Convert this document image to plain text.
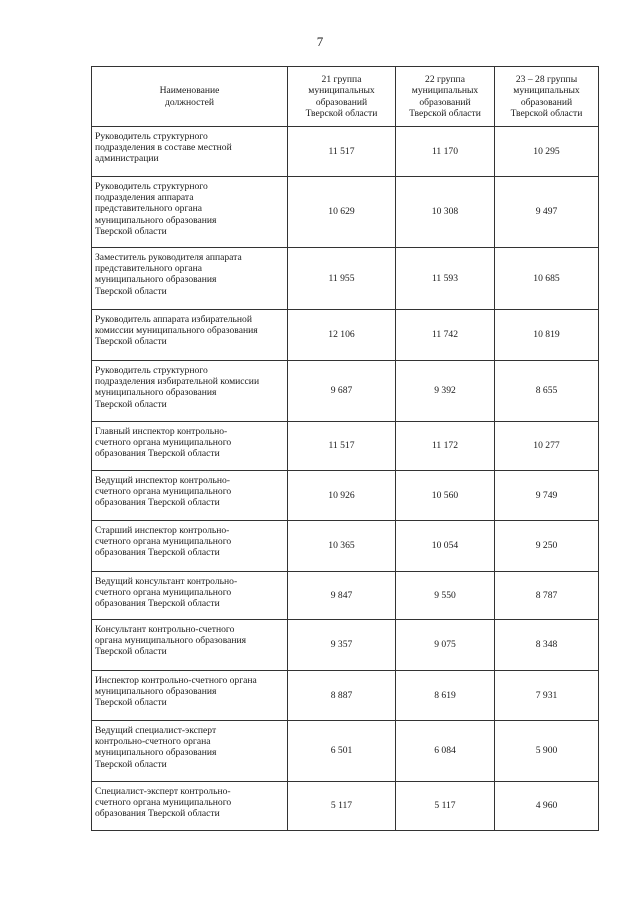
7
Наименование
должностей	21 группа
муниципальных
образований
Тверской области	22 группа
муниципальных
образований
Тверской области	23 – 28 группы
муниципальных
образований
Тверской области
Руководитель структурного
подразделения в составе местной
администрации	11 517	11 170	10 295
Руководитель структурного
подразделения аппарата
представительного органа
муниципального образования
Тверской области	10 629	10 308	9 497
Заместитель руководителя аппарата
представительного органа
муниципального образования
Тверской области	11 955	11 593	10 685
Руководитель аппарата избирательной
комиссии муниципального образования
Тверской области	12 106	11 742	10 819
Руководитель структурного
подразделения избирательной комиссии
муниципального образования
Тверской области	9 687	9 392	8 655
Главный инспектор контрольно-
счетного органа муниципального
образования Тверской области	11 517	11 172	10 277
Ведущий инспектор контрольно-
счетного органа муниципального
образования Тверской области	10 926	10 560	9 749
Старший инспектор контрольно-
счетного органа муниципального
образования Тверской области	10 365	10 054	9 250
Ведущий консультант контрольно-
счетного органа муниципального
образования Тверской области	9 847	9 550	8 787
Консультант контрольно-счетного
органа муниципального образования
Тверской области	9 357	9 075	8 348
Инспектор контрольно-счетного органа
муниципального образования
Тверской области	8 887	8 619	7 931
Ведущий специалист-эксперт
контрольно-счетного органа
муниципального образования
Тверской области	6 501	6 084	5 900
Специалист-эксперт контрольно-
счетного органа муниципального
образования Тверской области	5 117	5 117	4 960
